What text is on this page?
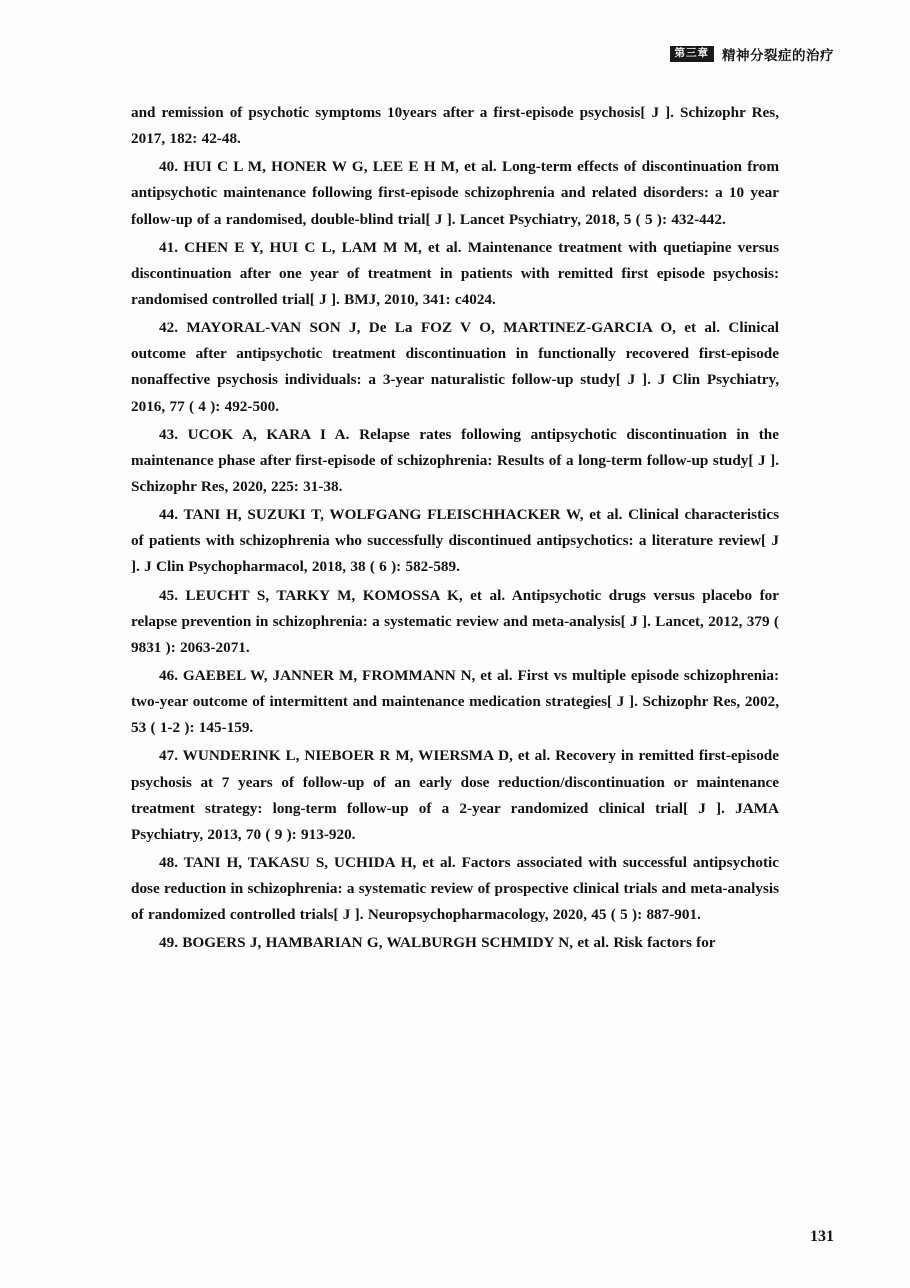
第三章 精神分裂症的治疗

and remission of psychotic symptoms 10years after a first-episode psychosis[ J ]. Schizophr Res, 2017, 182: 42-48.

40. HUI C L M, HONER W G, LEE E H M, et al. Long-term effects of discontinuation from antipsychotic maintenance following first-episode schizophrenia and related disorders: a 10 year follow-up of a randomised, double-blind trial[ J ]. Lancet Psychiatry, 2018, 5 ( 5 ): 432-442.

41. CHEN E Y, HUI C L, LAM M M, et al. Maintenance treatment with quetiapine versus discontinuation after one year of treatment in patients with remitted first episode psychosis: randomised controlled trial[ J ]. BMJ, 2010, 341: c4024.

42. MAYORAL-VAN SON J, De La FOZ V O, MARTINEZ-GARCIA O, et al. Clinical outcome after antipsychotic treatment discontinuation in functionally recovered first-episode nonaffective psychosis individuals: a 3-year naturalistic follow-up study[ J ]. J Clin Psychiatry, 2016, 77 ( 4 ): 492-500.

43. UCOK A, KARA I A. Relapse rates following antipsychotic discontinuation in the maintenance phase after first-episode of schizophrenia: Results of a long-term follow-up study[ J ]. Schizophr Res, 2020, 225: 31-38.

44. TANI H, SUZUKI T, WOLFGANG FLEISCHHACKER W, et al. Clinical characteristics of patients with schizophrenia who successfully discontinued antipsychotics: a literature review[ J ]. J Clin Psychopharmacol, 2018, 38 ( 6 ): 582-589.

45. LEUCHT S, TARKY M, KOMOSSA K, et al. Antipsychotic drugs versus placebo for relapse prevention in schizophrenia: a systematic review and meta-analysis[ J ]. Lancet, 2012, 379 ( 9831 ): 2063-2071.

46. GAEBEL W, JANNER M, FROMMANN N, et al. First vs multiple episode schizophrenia: two-year outcome of intermittent and maintenance medication strategies[ J ]. Schizophr Res, 2002, 53 ( 1-2 ): 145-159.

47. WUNDERINK L, NIEBOER R M, WIERSMA D, et al. Recovery in remitted first-episode psychosis at 7 years of follow-up of an early dose reduction/discontinuation or maintenance treatment strategy: long-term follow-up of a 2-year randomized clinical trial[ J ]. JAMA Psychiatry, 2013, 70 ( 9 ): 913-920.

48. TANI H, TAKASU S, UCHIDA H, et al. Factors associated with successful antipsychotic dose reduction in schizophrenia: a systematic review of prospective clinical trials and meta-analysis of randomized controlled trials[ J ]. Neuropsychopharmacology, 2020, 45 ( 5 ): 887-901.

49. BOGERS J, HAMBARIAN G, WALBURGH SCHMIDY N, et al. Risk factors for

131
